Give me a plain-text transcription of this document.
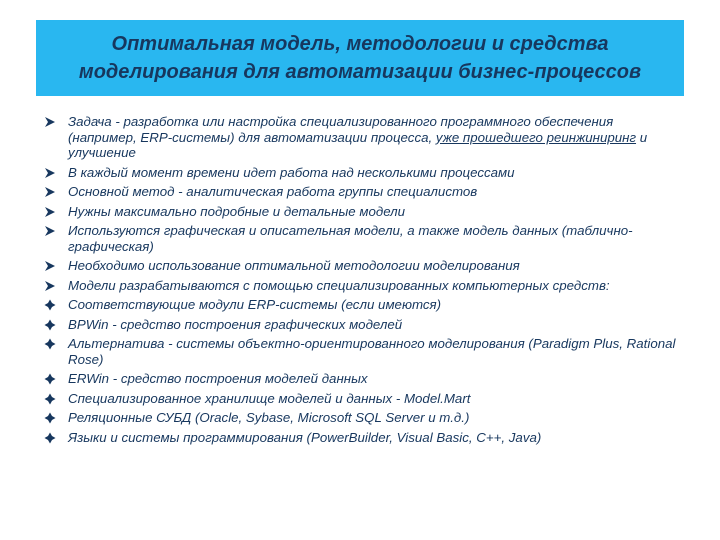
Оптимальная модель, методологии и средства
моделирования для автоматизации бизнес-процессов
Задача - разработка или настройка специализированного программного обеспечения (например, ERP-системы) для автоматизации процесса, уже прошедшего реинжиниринг и улучшение
В каждый момент времени идет работа над несколькими процессами
Основной метод - аналитическая работа группы специалистов
Нужны максимально подробные и детальные модели
Используются графическая и описательная модели, а также модель данных (таблично-графическая)
Необходимо использование оптимальной методологии моделирования
Модели разрабатываются с помощью специализированных компьютерных средств:
Соответствующие модули ERP-системы (если имеются)
BPWin - средство построения графических моделей
Альтернатива - системы объектно-ориентированного моделирования (Paradigm Plus, Rational Rose)
ERWin - средство построения моделей данных
Специализированное хранилище моделей и данных - Model.Mart
Реляционные СУБД (Oracle, Sybase, Microsoft SQL Server и т.д.)
Языки и системы программирования (PowerBuilder, Visual Basic, C++, Java)
